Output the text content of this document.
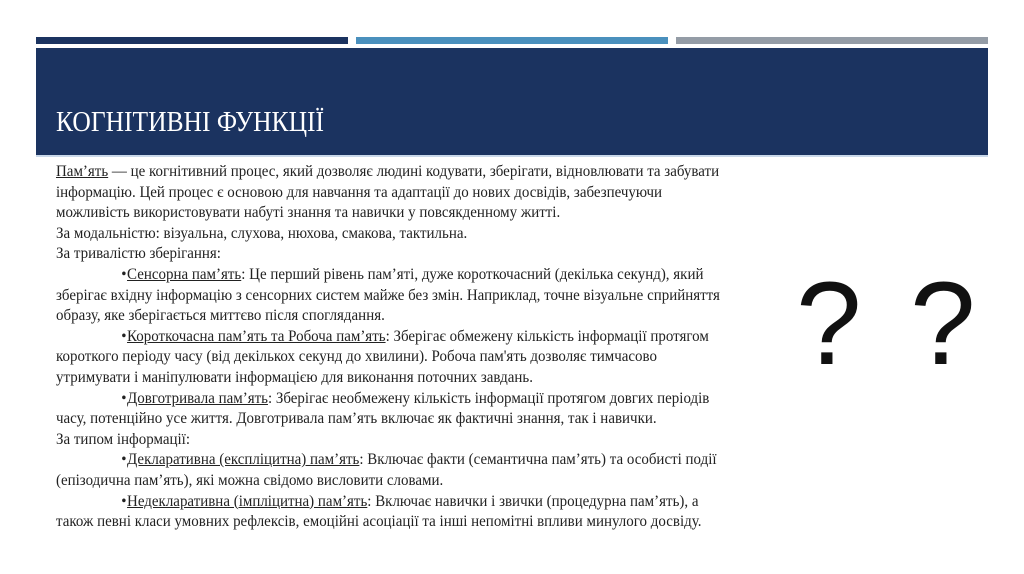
КОГНІТИВНІ ФУНКЦІЇ

Пам’ять — це когнітивний процес, який дозволяє людині кодувати, зберігати, відновлювати та забувати інформацію. Цей процес є основою для навчання та адаптації до нових досвідів, забезпечуючи можливість використовувати набуті знання та навички у повсякденному житті.

За модальністю: візуальна, слухова, нюхова, смакова, тактильна.

За тривалістю зберігання:

•Сенсорна пам’ять: Це перший рівень пам’яті, дуже короткочасний (декілька секунд), який зберігає вхідну інформацію з сенсорних систем майже без змін. Наприклад, точне візуальне сприйняття образу, яке зберігається миттєво після споглядання.

•Короткочасна пам’ять та Робоча пам’ять: Зберігає обмежену кількість інформації протягом короткого періоду часу (від декількох секунд до хвилини). Робоча пам'ять дозволяє тимчасово утримувати і маніпулювати інформацією для виконання поточних завдань.

•Довготривала пам’ять: Зберігає необмежену кількість інформації протягом довгих періодів часу, потенційно усе життя. Довготривала пам’ять включає як фактичні знання, так і навички.

За типом інформації:

•Декларативна (експліцитна) пам’ять: Включає факти (семантична пам’ять) та особисті події (епізодична пам’ять), які можна свідомо висловити словами.

•Недекларативна (імпліцитна) пам’ять: Включає навички і звички (процедурна пам’ять), а також певні класи умовних рефлексів, емоційні асоціації та інші непомітні впливи минулого досвіду.

? ?
